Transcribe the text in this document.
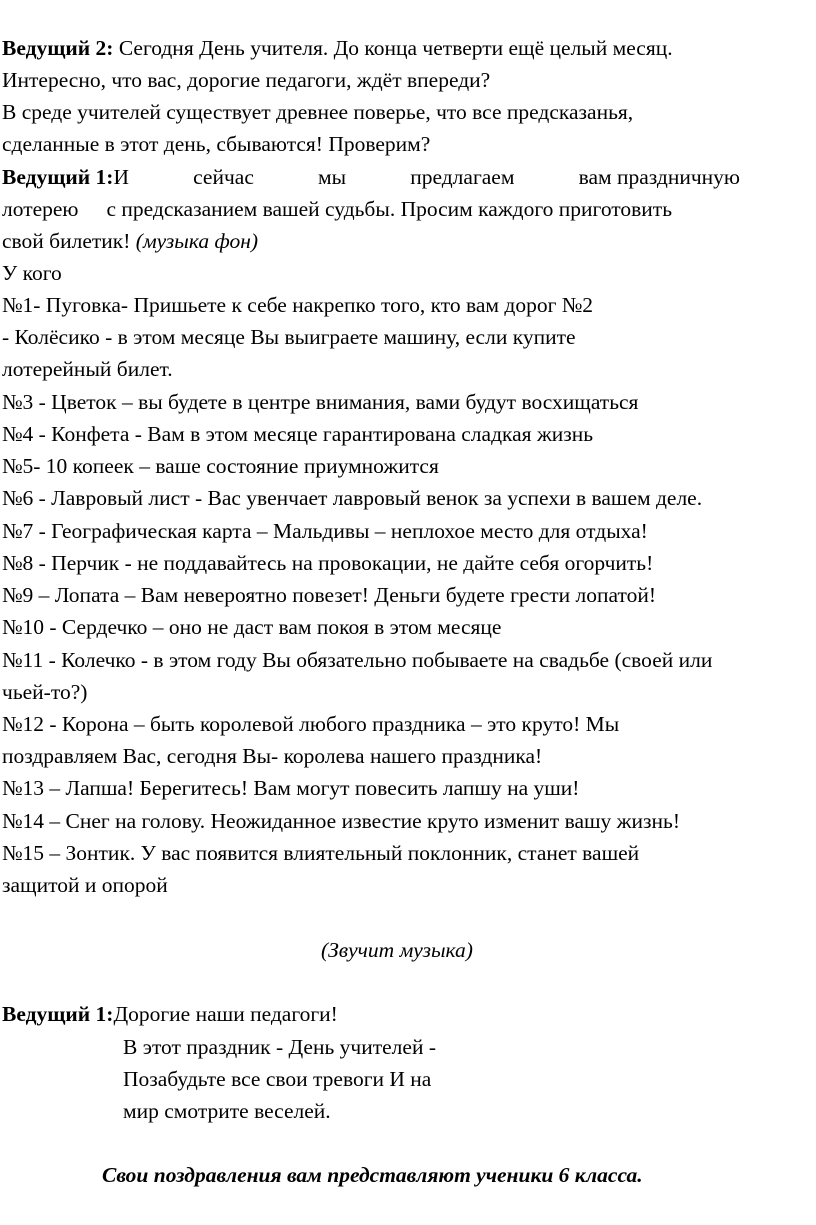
Ведущий 2: Сегодня День учителя. До конца четверти ещё целый месяц.
Интересно, что вас, дорогие педагоги, ждёт впереди?
В среде учителей существует древнее поверье, что все предсказанья,
сделанные в этот день, сбываются! Проверим?
Ведущий 1:И	сейчас	мы	предлагаем	вам праздничную
лотерею с предсказанием вашей судьбы. Просим каждого приготовить
свой билетик! (музыка фон)
У кого
№1- Пуговка- Пришьете к себе накрепко того, кто вам дорог №2
- Колёсико - в этом месяце Вы выиграете машину, если купите
лотерейный билет.
№3 - Цветок – вы будете в центре внимания, вами будут восхищаться
№4 - Конфета - Вам в этом месяце гарантирована сладкая жизнь
№5- 10 копеек – ваше состояние приумножится
№6 - Лавровый лист - Вас увенчает лавровый венок за успехи в вашем деле.
№7 - Географическая карта – Мальдивы – неплохое место для отдыха!
№8 - Перчик - не поддавайтесь на провокации, не дайте себя огорчить!
№9 – Лопата – Вам невероятно повезет! Деньги будете грести лопатой!
№10 - Сердечко – оно не даст вам покоя в этом месяце
№11 - Колечко - в этом году Вы обязательно побываете на свадьбе (своей или
чьей-то?)
№12 - Корона – быть королевой любого праздника – это круто! Мы
поздравляем Вас, сегодня Вы- королева нашего праздника!
№13 – Лапша! Берегитесь! Вам могут повесить лапшу на уши!
№14 – Снег на голову. Неожиданное известие круто изменит вашу жизнь!
№15 – Зонтик. У вас появится влиятельный поклонник, станет вашей
защитой и опорой
(Звучит музыка)
Ведущий 1:Дорогие наши педагоги!
В этот праздник - День учителей -
Позабудьте все свои тревоги И на
мир смотрите веселей.
Свои поздравления вам представляют ученики 6 класса.
